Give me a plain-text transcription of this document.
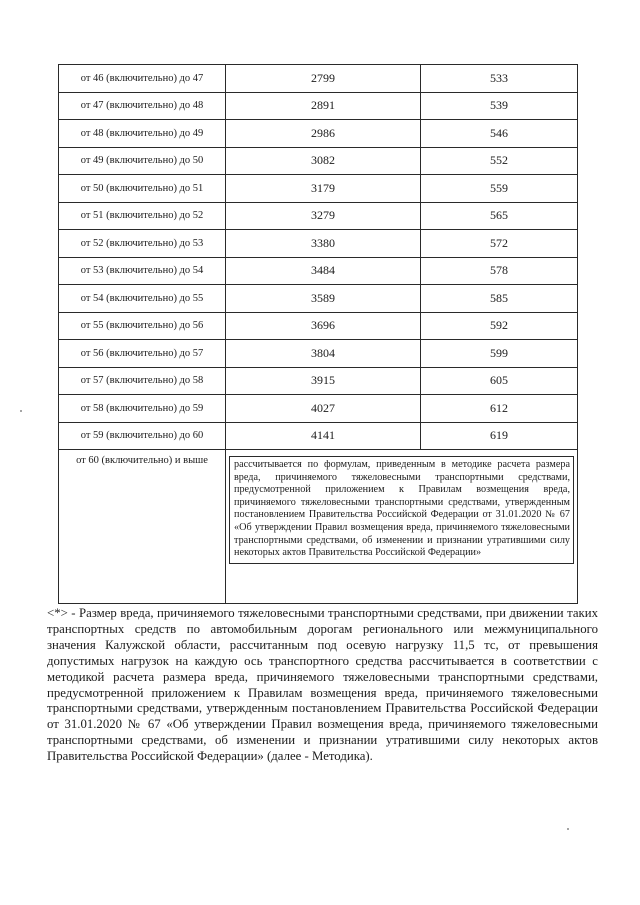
от 46 (включительно) до 47	2799	533
от 47 (включительно) до 48	2891	539
от 48 (включительно) до 49	2986	546
от 49 (включительно) до 50	3082	552
от 50 (включительно) до 51	3179	559
от 51 (включительно) до 52	3279	565
от 52 (включительно) до 53	3380	572
от 53 (включительно) до 54	3484	578
от 54 (включительно) до 55	3589	585
от 55 (включительно) до 56	3696	592
от 56 (включительно) до 57	3804	599
от 57 (включительно) до 58	3915	605
от 58 (включительно) до 59	4027	612
от 59 (включительно) до 60	4141	619
от 60 (включительно) и выше	рассчитывается по формулам, приведенным в методике расчета размера вреда, причиняемого тяжеловесными транспортными средствами, предусмотренной приложением к Правилам возмещения вреда, причиняемого тяжеловесными транспортными средствами, утвержденным постановлением Правительства Российской Федерации от 31.01.2020 № 67 «Об утверждении Правил возмещения вреда, причиняемого тяжеловесными транспортными средствами, об изменении и признании утратившими силу некоторых актов Правительства Российской Федерации»	

<*> - Размер вреда, причиняемого тяжеловесными транспортными средствами, при движении таких транспортных средств по автомобильным дорогам регионального или межмуниципального значения Калужской области, рассчитанным под осевую нагрузку 11,5 тс, от превышения допустимых нагрузок на каждую ось транспортного средства рассчитывается в соответствии с методикой расчета размера вреда, причиняемого тяжеловесными транспортными средствами, предусмотренной приложением к Правилам возмещения вреда, причиняемого тяжеловесными транспортными средствами, утвержденным постановлением Правительства Российской Федерации от 31.01.2020 № 67 «Об утверждении Правил возмещения вреда, причиняемого тяжеловесными транспортными средствами, об изменении и признании утратившими силу некоторых актов Правительства Российской Федерации» (далее - Методика).
